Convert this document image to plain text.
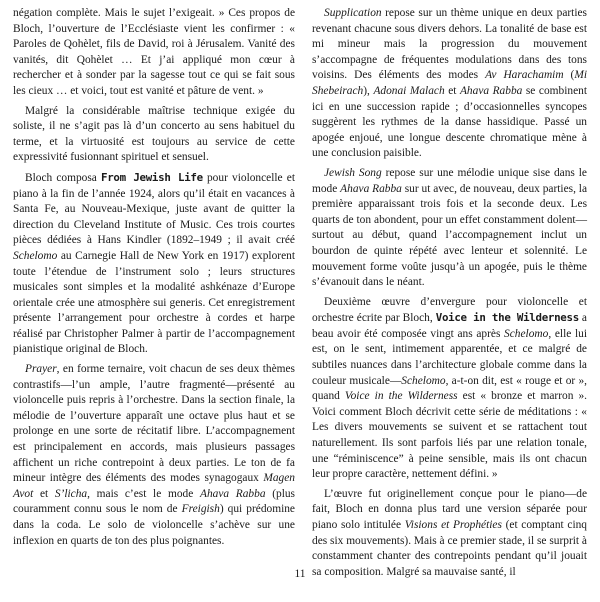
négation complète. Mais le sujet l’exigeait. » Ces propos de Bloch, l’ouverture de l’Ecclésiaste vient les confirmer : « Paroles de Qohèlet, fils de David, roi à Jérusalem. Vanité des vanités, dit Qohèlet … Et j’ai appliqué mon cœur à rechercher et à sonder par la sagesse tout ce qui se fait sous les cieux … et voici, tout est vanité et pâture de vent. »

Malgré la considérable maîtrise technique exigée du soliste, il ne s’agit pas là d’un concerto au sens habituel du terme, et la virtuosité est toujours au service de cette expressivité fusionnant spirituel et sensuel.

Bloch composa From Jewish Life pour violoncelle et piano à la fin de l’année 1924, alors qu’il était en vacances à Santa Fe, au Nouveau-Mexique, juste avant de quitter la direction du Cleveland Institute of Music. Ces trois courtes pièces dédiées à Hans Kindler (1892–1949 ; il avait créé Schelomo au Carnegie Hall de New York en 1917) explorent toute l’étendue de l’instrument solo ; leurs structures musicales sont simples et la modalité ashkénaze d’Europe orientale crée une atmosphère sui generis. Cet enregistrement présente l’arrangement pour orchestre à cordes et harpe réalisé par Christopher Palmer à partir de l’accompagnement pianistique original de Bloch.

Prayer, en forme ternaire, voit chacun de ses deux thèmes contrastifs—l’un ample, l’autre fragmenté—présenté au violoncelle puis repris à l’orchestre. Dans la section finale, la mélodie de l’ouverture apparaît une octave plus haut et se prolonge en une sorte de récitatif libre. L’accompagnement est principalement en accords, mais plusieurs passages affichent un riche contrepoint à deux parties. Le ton de fa mineur intègre des éléments des modes synagogaux Magen Avot et S’licha, mais c’est le mode Ahava Rabba (plus couramment connu sous le nom de Freigish) qui prédomine dans la coda. Le solo de violoncelle s’achève sur une inflexion en quarts de ton des plus poignantes.

Supplication repose sur un thème unique en deux parties revenant chacune sous divers dehors. La tonalité de base est mi mineur mais la progression du mouvement s’accompagne de fréquentes modulations dans des tons voisins. Des éléments des modes Av Harachamim (Mi Shebeirach), Adonai Malach et Ahava Rabba se combinent ici en une succession rapide ; d’occasionnelles syncopes suggèrent les rythmes de la danse hassidique. Passé un apogée enjoué, une longue descente chromatique mène à une conclusion paisible.

Jewish Song repose sur une mélodie unique sise dans le mode Ahava Rabba sur ut avec, de nouveau, deux parties, la première apparaissant trois fois et la seconde deux. Les quarts de ton abondent, pour un effet constamment dolent—surtout au début, quand l’accompagnement inclut un bourdon de quinte répété avec lenteur et solennité. Le mouvement forme voûte jusqu’à un apogée, puis le thème s’évanouit dans le néant.

Deuxième œuvre d’envergure pour violoncelle et orchestre écrite par Bloch, Voice in the Wilderness a beau avoir été composée vingt ans après Schelomo, elle lui est, on le sent, intimement apparentée, et ce malgré de subtiles nuances dans l’architecture globale comme dans la couleur musicale—Schelomo, a-t-on dit, est « rouge et or », quand Voice in the Wilderness est « bronze et marron ». Voici comment Bloch décrivit cette série de méditations : « Les divers mouvements se suivent et se rattachent tout naturellement. Ils sont parfois liés par une relation tonale, une “réminiscence” à peine sensible, mais ils ont chacun leur propre caractère, nettement défini. »

L’œuvre fut originellement conçue pour le piano—de fait, Bloch en donna plus tard une version séparée pour piano solo intitulée Visions et Prophéties (et comptant cinq des six mouvements). Mais à ce premier stade, il se surprit à constamment chanter des contrepoints pendant qu’il jouait sa composition. Malgré sa mauvaise santé, il

11
